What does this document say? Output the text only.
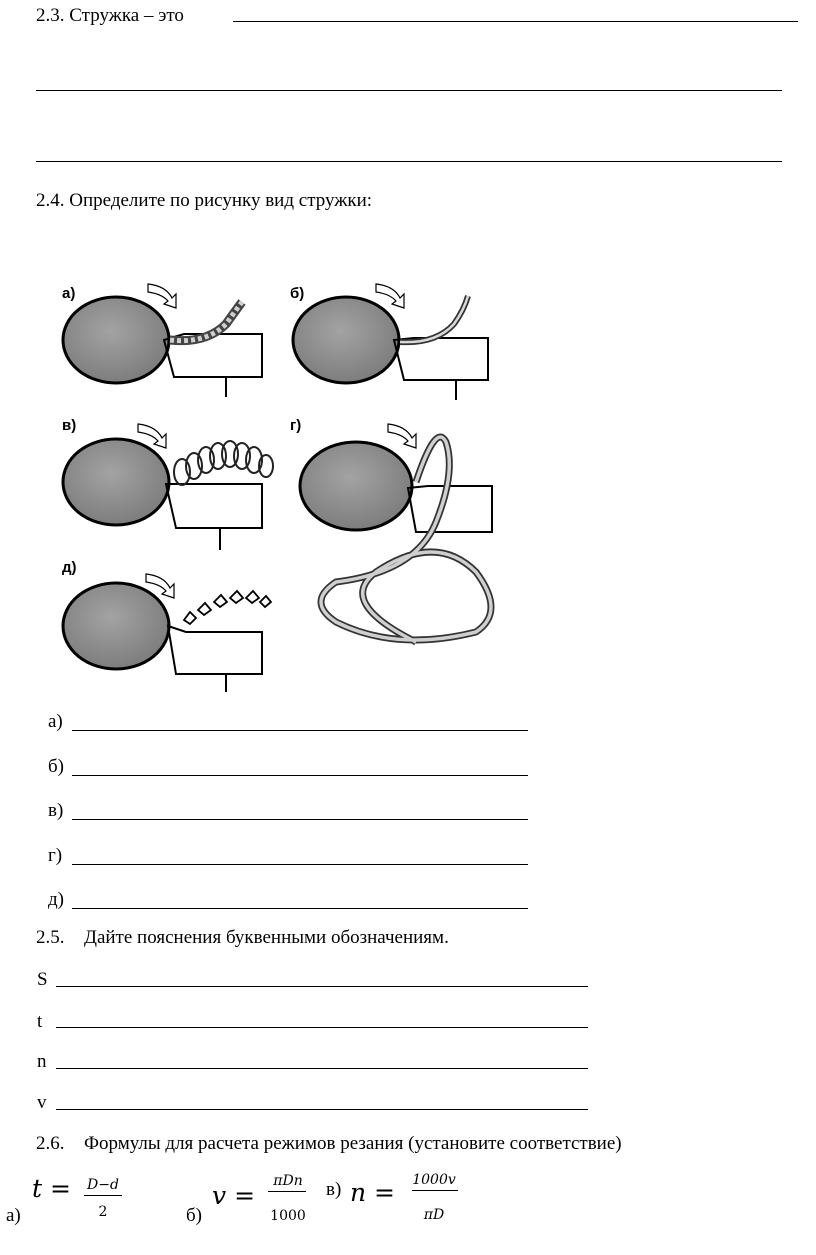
2.3. Стружка – это
2.4. Определите по рисунку вид стружки:
а)	б)
в)	г)
д)
а)
б)
в)
г)
д)
2.5. Дайте пояснения буквенными обозначениям.
S
t
n
v
2.6. Формулы для расчета режимов резания (установите соответствие)
а)
t =	D−d
2	б)
v =	πDn
1000
в) n =	1000v
πD
